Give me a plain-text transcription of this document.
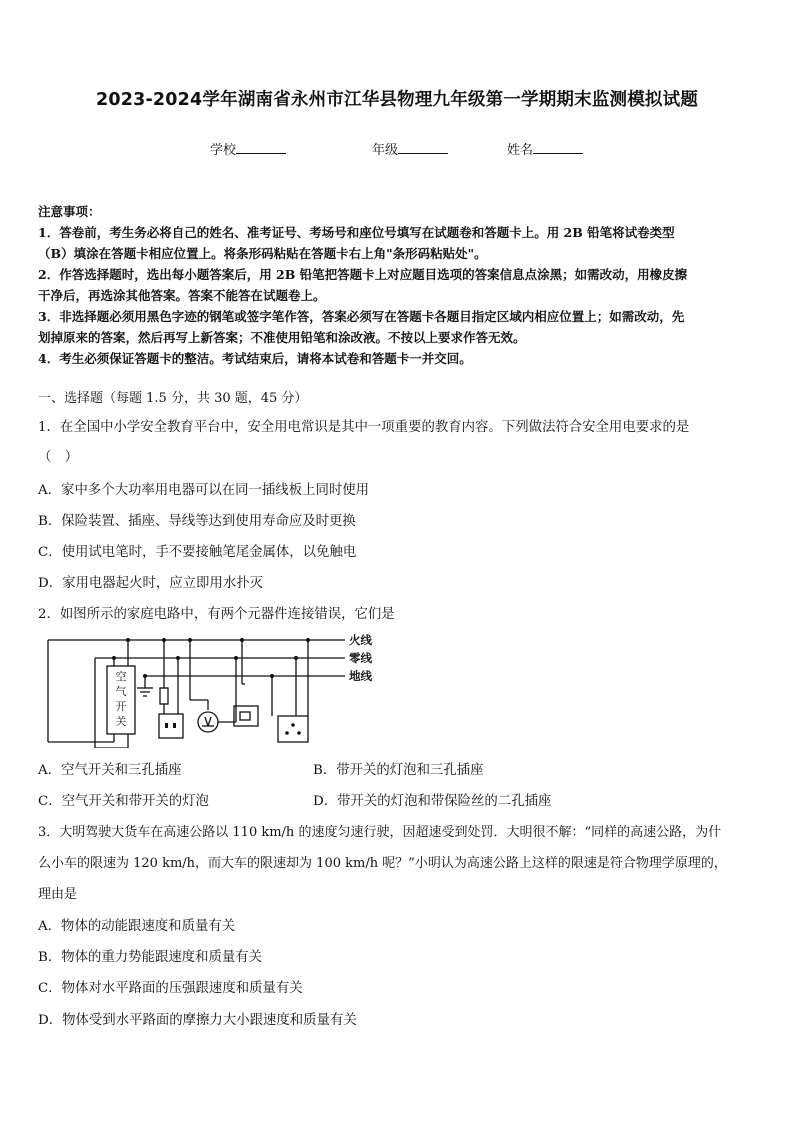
2023-2024学年湖南省永州市江华县物理九年级第一学期期末监测模拟试题
学校	年级	姓名

注意事项：

1．答卷前，考生务必将自己的姓名、准考证号、考场号和座位号填写在试题卷和答题卡上。用 2B 铅笔将试卷类型

（B）填涂在答题卡相应位置上。将条形码粘贴在答题卡右上角"条形码粘贴处"。

2．作答选择题时，选出每小题答案后，用 2B 铅笔把答题卡上对应题目选项的答案信息点涂黑；如需改动，用橡皮擦

干净后，再选涂其他答案。答案不能答在试题卷上。

3．非选择题必须用黑色字迹的钢笔或签字笔作答，答案必须写在答题卡各题目指定区域内相应位置上；如需改动，先

划掉原来的答案，然后再写上新答案；不准使用铅笔和涂改液。不按以上要求作答无效。

4．考生必须保证答题卡的整洁。考试结束后，请将本试卷和答题卡一并交回。

一、选择题（每题 1.5 分，共 30 题，45 分）
1．在全国中小学安全教育平台中，安全用电常识是其中一项重要的教育内容。下列做法符合安全用电要求的是
（　）
A．家中多个大功率用电器可以在同一插线板上同时使用
B．保险装置、插座、导线等达到使用寿命应及时更换
C．使用试电笔时，手不要接触笔尾金属体，以免触电
D．家用电器起火时，应立即用水扑灭
2．如图所示的家庭电路中，有两个元器件连接错误，它们是
火线
零线
地线
空
气
开
关
A．空气开关和三孔插座	B．带开关的灯泡和三孔插座
C．空气开关和带开关的灯泡	D．带开关的灯泡和带保险丝的二孔插座
3．大明驾驶大货车在高速公路以 110 km/h 的速度匀速行驶，因超速受到处罚．大明很不解：“同样的高速公路，为什
么小车的限速为 120 km/h，而大车的限速却为 100 km/h 呢？”小明认为高速公路上这样的限速是符合物理学原理的，
理由是
A．物体的动能跟速度和质量有关
B．物体的重力势能跟速度和质量有关
C．物体对水平路面的压强跟速度和质量有关
D．物体受到水平路面的摩擦力大小跟速度和质量有关
